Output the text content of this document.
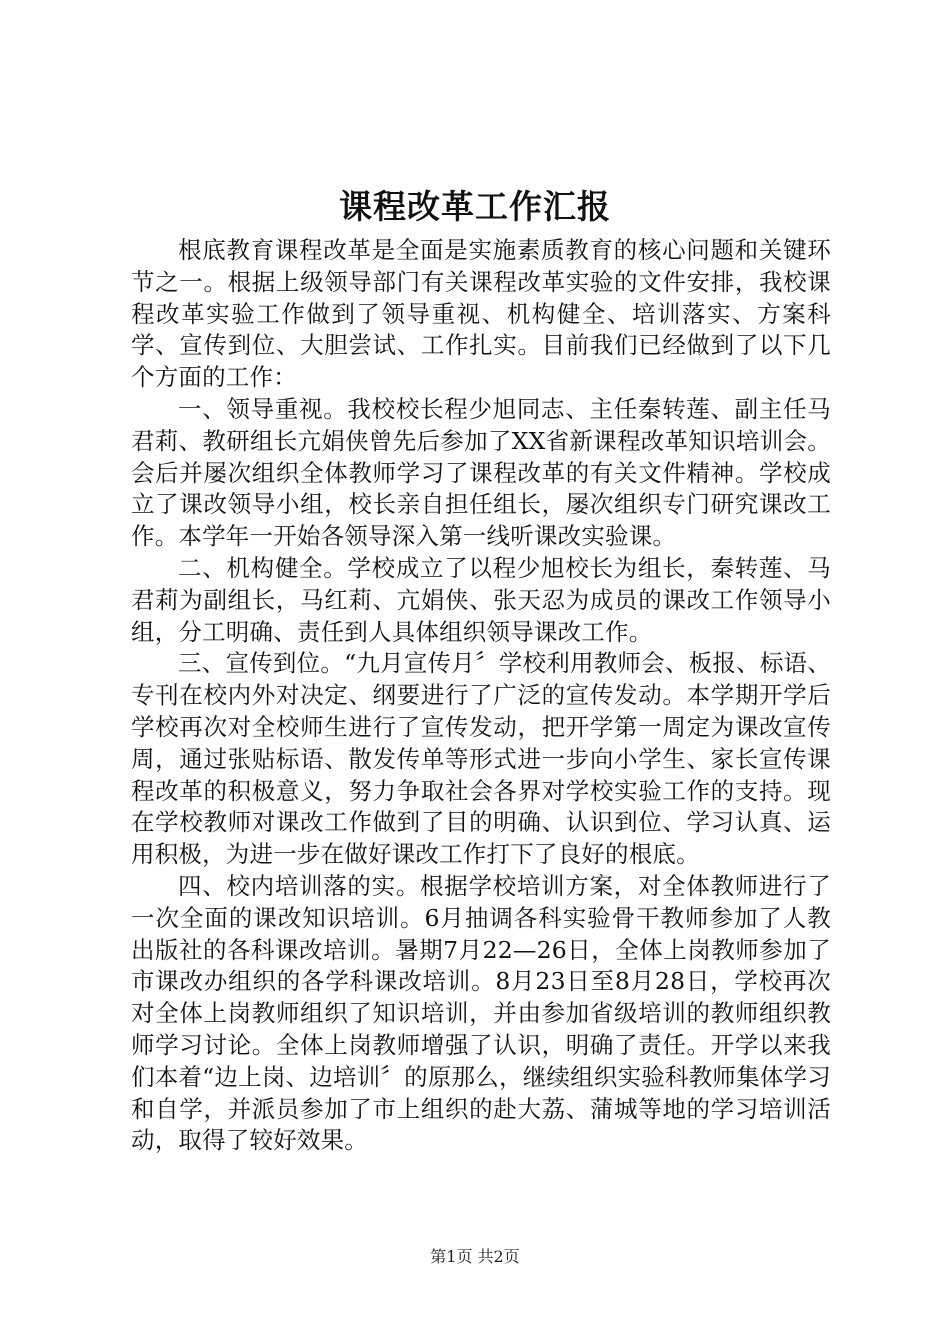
课程改革工作汇报

根底教育课程改革是全面是实施素质教育的核心问题和关键环节之一。根据上级领导部门有关课程改革实验的文件安排，我校课程改革实验工作做到了领导重视、机构健全、培训落实、方案科学、宣传到位、大胆尝试、工作扎实。目前我们已经做到了以下几个方面的工作：

一、领导重视。我校校长程少旭同志、主任秦转莲、副主任马君莉、教研组长亢娟侠曾先后参加了XX省新课程改革知识培训会。会后并屡次组织全体教师学习了课程改革的有关文件精神。学校成立了课改领导小组，校长亲自担任组长，屡次组织专门研究课改工作。本学年一开始各领导深入第一线听课改实验课。

二、机构健全。学校成立了以程少旭校长为组长，秦转莲、马君莉为副组长，马红莉、亢娟侠、张天忍为成员的课改工作领导小组，分工明确、责任到人具体组织领导课改工作。

三、宣传到位。“九月宣传月〞学校利用教师会、板报、标语、专刊在校内外对决定、纲要进行了广泛的宣传发动。本学期开学后学校再次对全校师生进行了宣传发动，把开学第一周定为课改宣传周，通过张贴标语、散发传单等形式进一步向小学生、家长宣传课程改革的积极意义，努力争取社会各界对学校实验工作的支持。现在学校教师对课改工作做到了目的明确、认识到位、学习认真、运用积极，为进一步在做好课改工作打下了良好的根底。

四、校内培训落的实。根据学校培训方案，对全体教师进行了一次全面的课改知识培训。6月抽调各科实验骨干教师参加了人教出版社的各科课改培训。暑期7月22—26日，全体上岗教师参加了市课改办组织的各学科课改培训。8月23日至8月28日，学校再次对全体上岗教师组织了知识培训，并由参加省级培训的教师组织教师学习讨论。全体上岗教师增强了认识，明确了责任。开学以来我们本着“边上岗、边培训〞的原那么，继续组织实验科教师集体学习和自学，并派员参加了市上组织的赴大荔、蒲城等地的学习培训活动，取得了较好效果。

第1页 共2页
